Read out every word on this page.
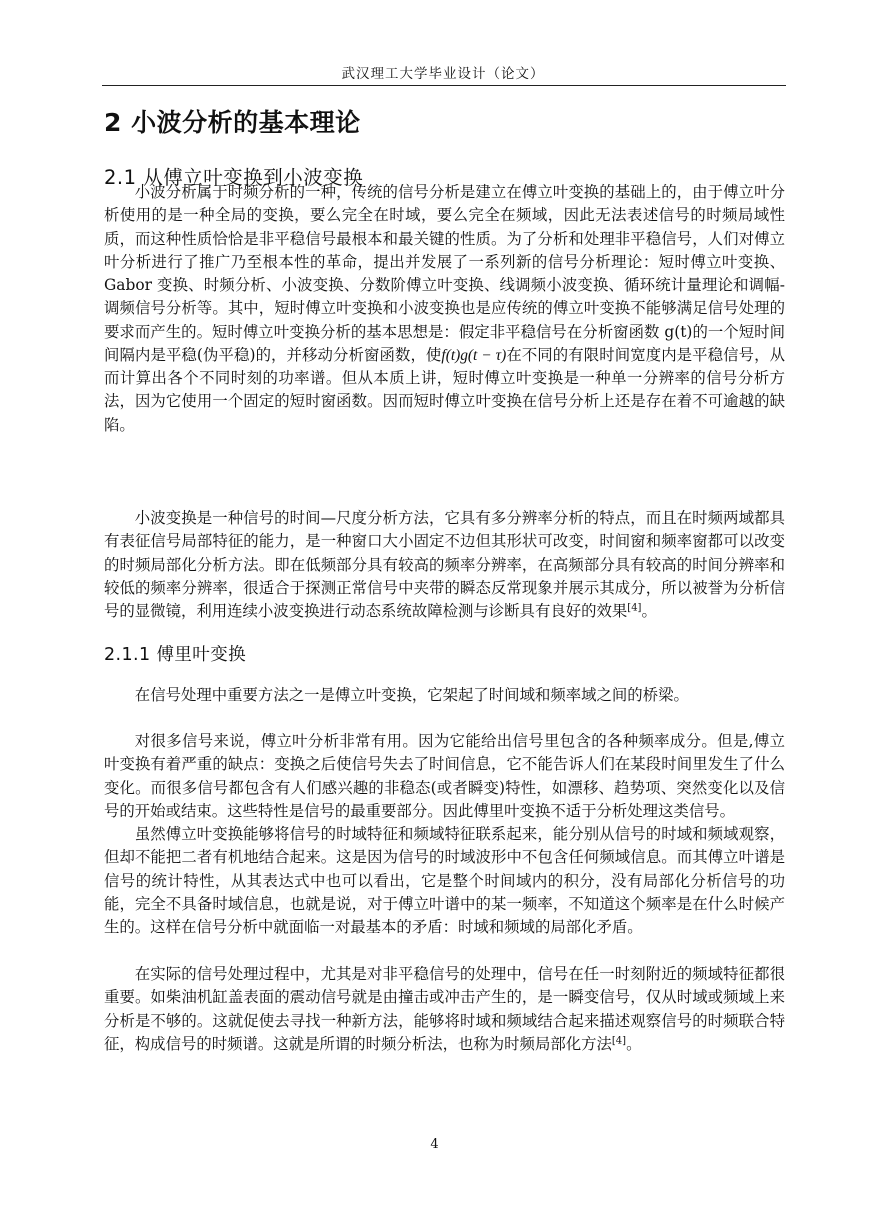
武汉理工大学毕业设计（论文）
2 小波分析的基本理论
2.1 从傅立叶变换到小波变换

小波分析属于时频分析的一种，传统的信号分析是建立在傅立叶变换的基础上的，由于傅立叶分析使用的是一种全局的变换，要么完全在时域，要么完全在频域，因此无法表述信号的时频局域性质，而这种性质恰恰是非平稳信号最根本和最关键的性质。为了分析和处理非平稳信号，人们对傅立叶分析进行了推广乃至根本性的革命，提出并发展了一系列新的信号分析理论：短时傅立叶变换、Gabor 变换、时频分析、小波变换、分数阶傅立叶变换、线调频小波变换、循环统计量理论和调幅-调频信号分析等。其中，短时傅立叶变换和小波变换也是应传统的傅立叶变换不能够满足信号处理的要求而产生的。短时傅立叶变换分析的基本思想是：假定非平稳信号在分析窗函数 g(t)的一个短时间间隔内是平稳(伪平稳)的，并移动分析窗函数，使f(t)g(t − τ)在不同的有限时间宽度内是平稳信号，从而计算出各个不同时刻的功率谱。但从本质上讲，短时傅立叶变换是一种单一分辨率的信号分析方法，因为它使用一个固定的短时窗函数。因而短时傅立叶变换在信号分析上还是存在着不可逾越的缺陷。

小波变换是一种信号的时间—尺度分析方法，它具有多分辨率分析的特点，而且在时频两域都具有表征信号局部特征的能力，是一种窗口大小固定不边但其形状可改变，时间窗和频率窗都可以改变的时频局部化分析方法。即在低频部分具有较高的频率分辨率，在高频部分具有较高的时间分辨率和较低的频率分辨率，很适合于探测正常信号中夹带的瞬态反常现象并展示其成分，所以被誉为分析信号的显微镜，利用连续小波变换进行动态系统故障检测与诊断具有良好的效果[4]。

2.1.1 傅里叶变换

在信号处理中重要方法之一是傅立叶变换，它架起了时间域和频率域之间的桥梁。

对很多信号来说，傅立叶分析非常有用。因为它能给出信号里包含的各种频率成分。但是,傅立叶变换有着严重的缺点：变换之后使信号失去了时间信息，它不能告诉人们在某段时间里发生了什么变化。而很多信号都包含有人们感兴趣的非稳态(或者瞬变)特性，如漂移、趋势项、突然变化以及信号的开始或结束。这些特性是信号的最重要部分。因此傅里叶变换不适于分析处理这类信号。

虽然傅立叶变换能够将信号的时域特征和频域特征联系起来，能分别从信号的时域和频域观察，但却不能把二者有机地结合起来。这是因为信号的时域波形中不包含任何频域信息。而其傅立叶谱是信号的统计特性，从其表达式中也可以看出，它是整个时间域内的积分，没有局部化分析信号的功能，完全不具备时域信息，也就是说，对于傅立叶谱中的某一频率，不知道这个频率是在什么时候产生的。这样在信号分析中就面临一对最基本的矛盾：时域和频域的局部化矛盾。

在实际的信号处理过程中，尤其是对非平稳信号的处理中，信号在任一时刻附近的频域特征都很重要。如柴油机缸盖表面的震动信号就是由撞击或冲击产生的，是一瞬变信号，仅从时域或频域上来分析是不够的。这就促使去寻找一种新方法，能够将时域和频域结合起来描述观察信号的时频联合特征，构成信号的时频谱。这就是所谓的时频分析法，也称为时频局部化方法[4]。

4
